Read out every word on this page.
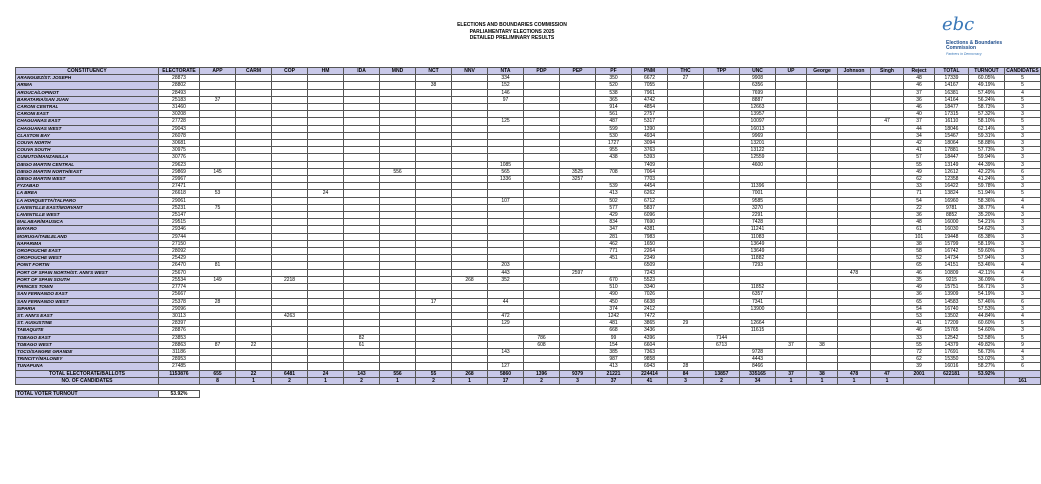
ELECTIONS AND BOUNDARIES COMMISSION
PARLIAMENTARY ELECTIONS 2025
DETAILED PRELIMINARY RESULTS
ebc
Elections & Boundaries
Commission
Partners in Democracy
CONSTITUENCY	ELECTORATE	APP	CARM	COP	HM	IDA	MND	NCT	NNV	NTA	PDP	PEP	PF	PNM	THC	TPP	UNC	UP	George	Johnson	Singh	Reject	TOTAL	TURNOUT	CANDIDATES
ARANGUEZ/ST. JOSEPH	28873									334			350	6672	27		9908					48	17339	60.05%	5
ARIMA	28802							38		152			520	7055			6356					46	14167	49.19%	5
AROUCA/LOPINOT	28493									146			538	7961			7699					37	16381	57.49%	4
BARATARIA/SAN JUAN	25183	37								97			365	4742			8887					36	14164	56.24%	5
CARONI CENTRAL	31460												914	4854			12663					46	18477	58.73%	3
CARONI EAST	30208												561	2757			13957					40	17315	57.32%	3
CHAGUANAS EAST	27728									125			487	5317			10097				47	37	16110	58.10%	5
CHAGUANAS WEST	29043												599	1390			16013					44	18046	62.14%	3
CLAXTON BAY	26078												530	4934			9969					34	15467	59.31%	3
COUVA NORTH	30681												1727	3094			13201					42	18064	58.88%	3
COUVA SOUTH	30975												955	3763			13122					41	17881	57.73%	3
CUMUTO/MANZANILLA	30776												438	5393			12559					57	18447	59.94%	3
DIEGO MARTIN CENTRAL	29623									1085				7409			4600					55	13149	44.39%	3
DIEGO MARTIN NORTH/EAST	29869	145					556			565		3525	708	7064								49	12612	42.22%	6
DIEGO MARTIN WEST	29967									1336		3257		7703								62	12358	41.24%	3
FYZABAD	27471												539	4454			11396					33	16422	59.78%	3
LA BREA	26618	53			24								413	6262			7001					71	13824	51.94%	5
LA HORQUETTA/TALPARO	29061									107			502	6712			9585					54	16960	58.36%	4
LAVENTILLE EAST/MORVANT	25231	75											577	5837			3270					22	9781	38.77%	4
LAVENTILLE WEST	25147												429	6096			2291					36	8852	35.20%	3
MALABAR/MAUSICA	29515												834	7690			7428					48	16000	54.21%	3
MAYARO	29346												347	4381			11241					61	16030	54.62%	3
MORUGA/TABLELAND	29744												281	7983			11083					101	19448	65.38%	3
NAPARIMA	27150												462	1650			13649					38	15799	58.19%	3
OROPOUCHE EAST	28092												771	2264			13649					58	16742	59.60%	3
OROPOUCHE WEST	25429												451	2349			11882					52	14734	57.94%	3
POINT FORTIN	26470	81								203				6509			7293					65	14151	53.46%	4
PORT OF SPAIN NORTH/ST. ANN'S WEST	25670									443		2597		7243						478		46	10809	42.11%	4
PORT OF SPAIN SOUTH	25534	149		2218					268	352			670	5523								35	9215	36.09%	6
PRINCES TOWN	27774												510	3340			11852					49	15751	56.71%	3
SAN FERNANDO EAST	25667												490	7026			6357					36	13909	54.19%	3
SAN FERNANDO WEST	25378	28						17		44			450	6638			7341					65	14583	57.46%	6
SIPARIA	29096												374	2412			13900					54	16740	57.53%	3
ST. ANN'S EAST	30113			4263						472			1242	7472								53	13502	44.84%	4
ST. AUGUSTINE	28397									129			481	3865	29		12664					41	17209	60.60%	5
TABAQUITE	28876												668	3436			11615					46	15765	54.60%	3
TOBAGO EAST	23853					82					786		99	4396		7144						33	12542	52.58%	5
TOBAGO WEST	28863	87	22			61					608		154	6604		6713		37	38			55	14379	49.82%	9
TOCO/SANGRE GRANDE	31186									143			385	7363			9728					72	17691	56.73%	4
TRINCITY/MALONEY	28953												987	9858			4443					62	15350	53.02%	3
TUNAPUNA	27485									127			413	6943	28		8466					39	16016	58.27%	6
TOTAL ELECTORATE/BALLOTS	1153876	655	22	6481	24	143	556	55	268	5860	1396	9379	21221	224414	84	13857	335165	37	38	478	47	2001	622181	53.92%	
NO. OF CANDIDATES		8	1	2	1	2	1	2	1	17	2	3	37	41	3	2	34	1	1	1	1				161

TOTAL VOTER TURNOUT	53.92%																								
